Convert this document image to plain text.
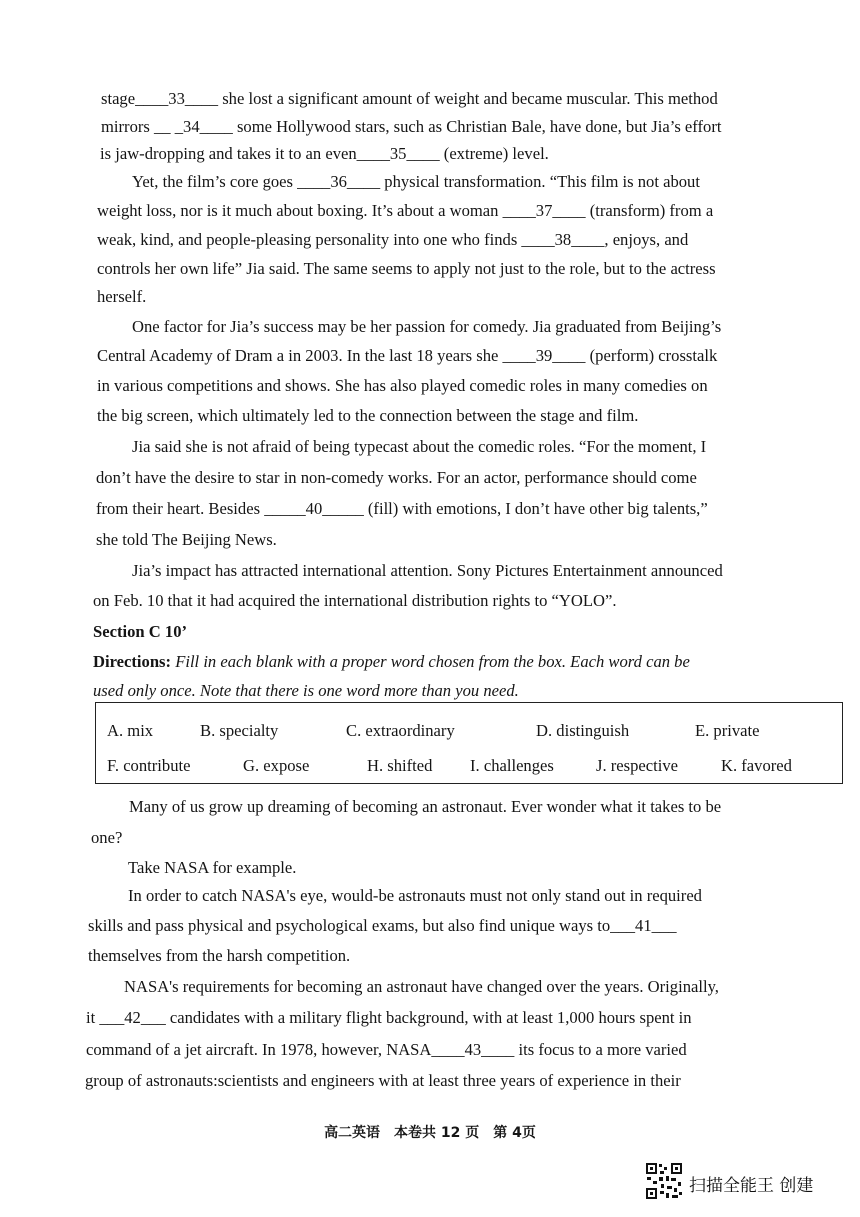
stage____33____ she lost a significant amount of weight and became muscular. This method
mirrors __ _34____ some Hollywood stars, such as Christian Bale, have done, but Jia’s effort
is jaw-dropping and takes it to an even____35____ (extreme) level.
Yet, the film’s core goes ____36____ physical transformation. “This film is not about
weight loss, nor is it much about boxing. It’s about a woman ____37____ (transform) from a
weak, kind, and people-pleasing personality into one who finds ____38____, enjoys, and
controls her own life” Jia said. The same seems to apply not just to the role, but to the actress
herself.
One factor for Jia’s success may be her passion for comedy. Jia graduated from Beijing’s
Central Academy of Dram a in 2003. In the last 18 years she ____39____ (perform) crosstalk
in various competitions and shows. She has also played comedic roles in many comedies on
the big screen, which ultimately led to the connection between the stage and film.
Jia said she is not afraid of being typecast about the comedic roles. “For the moment, I
don’t have the desire to star in non-comedy works. For an actor, performance should come
from their heart. Besides _____40_____ (fill) with emotions, I don’t have other big talents,”
she told The Beijing News.
Jia’s impact has attracted international attention. Sony Pictures Entertainment announced
on Feb. 10 that it had acquired the international distribution rights to “YOLO”.
Section C 10’
Directions: Fill in each blank with a proper word chosen from the box. Each word can be
used only once. Note that there is one word more than you need.
A. mix	B. specialty	C. extraordinary	D. distinguish	E. private
F. contribute	G. expose	H. shifted I. challenges	J. respective	K. favored
Many of us grow up dreaming of becoming an astronaut. Ever wonder what it takes to be
one?
Take NASA for example.
In order to catch NASA's eye, would-be astronauts must not only stand out in required
skills and pass physical and psychological exams, but also find unique ways to___41___
themselves from the harsh competition.
NASA's requirements for becoming an astronaut have changed over the years. Originally,
it ___42___ candidates with a military flight background, with at least 1,000 hours spent in
command of a jet aircraft. In 1978, however, NASA____43____ its focus to a more varied
group of astronauts:scientists and engineers with at least three years of experience in their
高二英语　本卷共 12 页　第 4页
扫描全能王 创建
